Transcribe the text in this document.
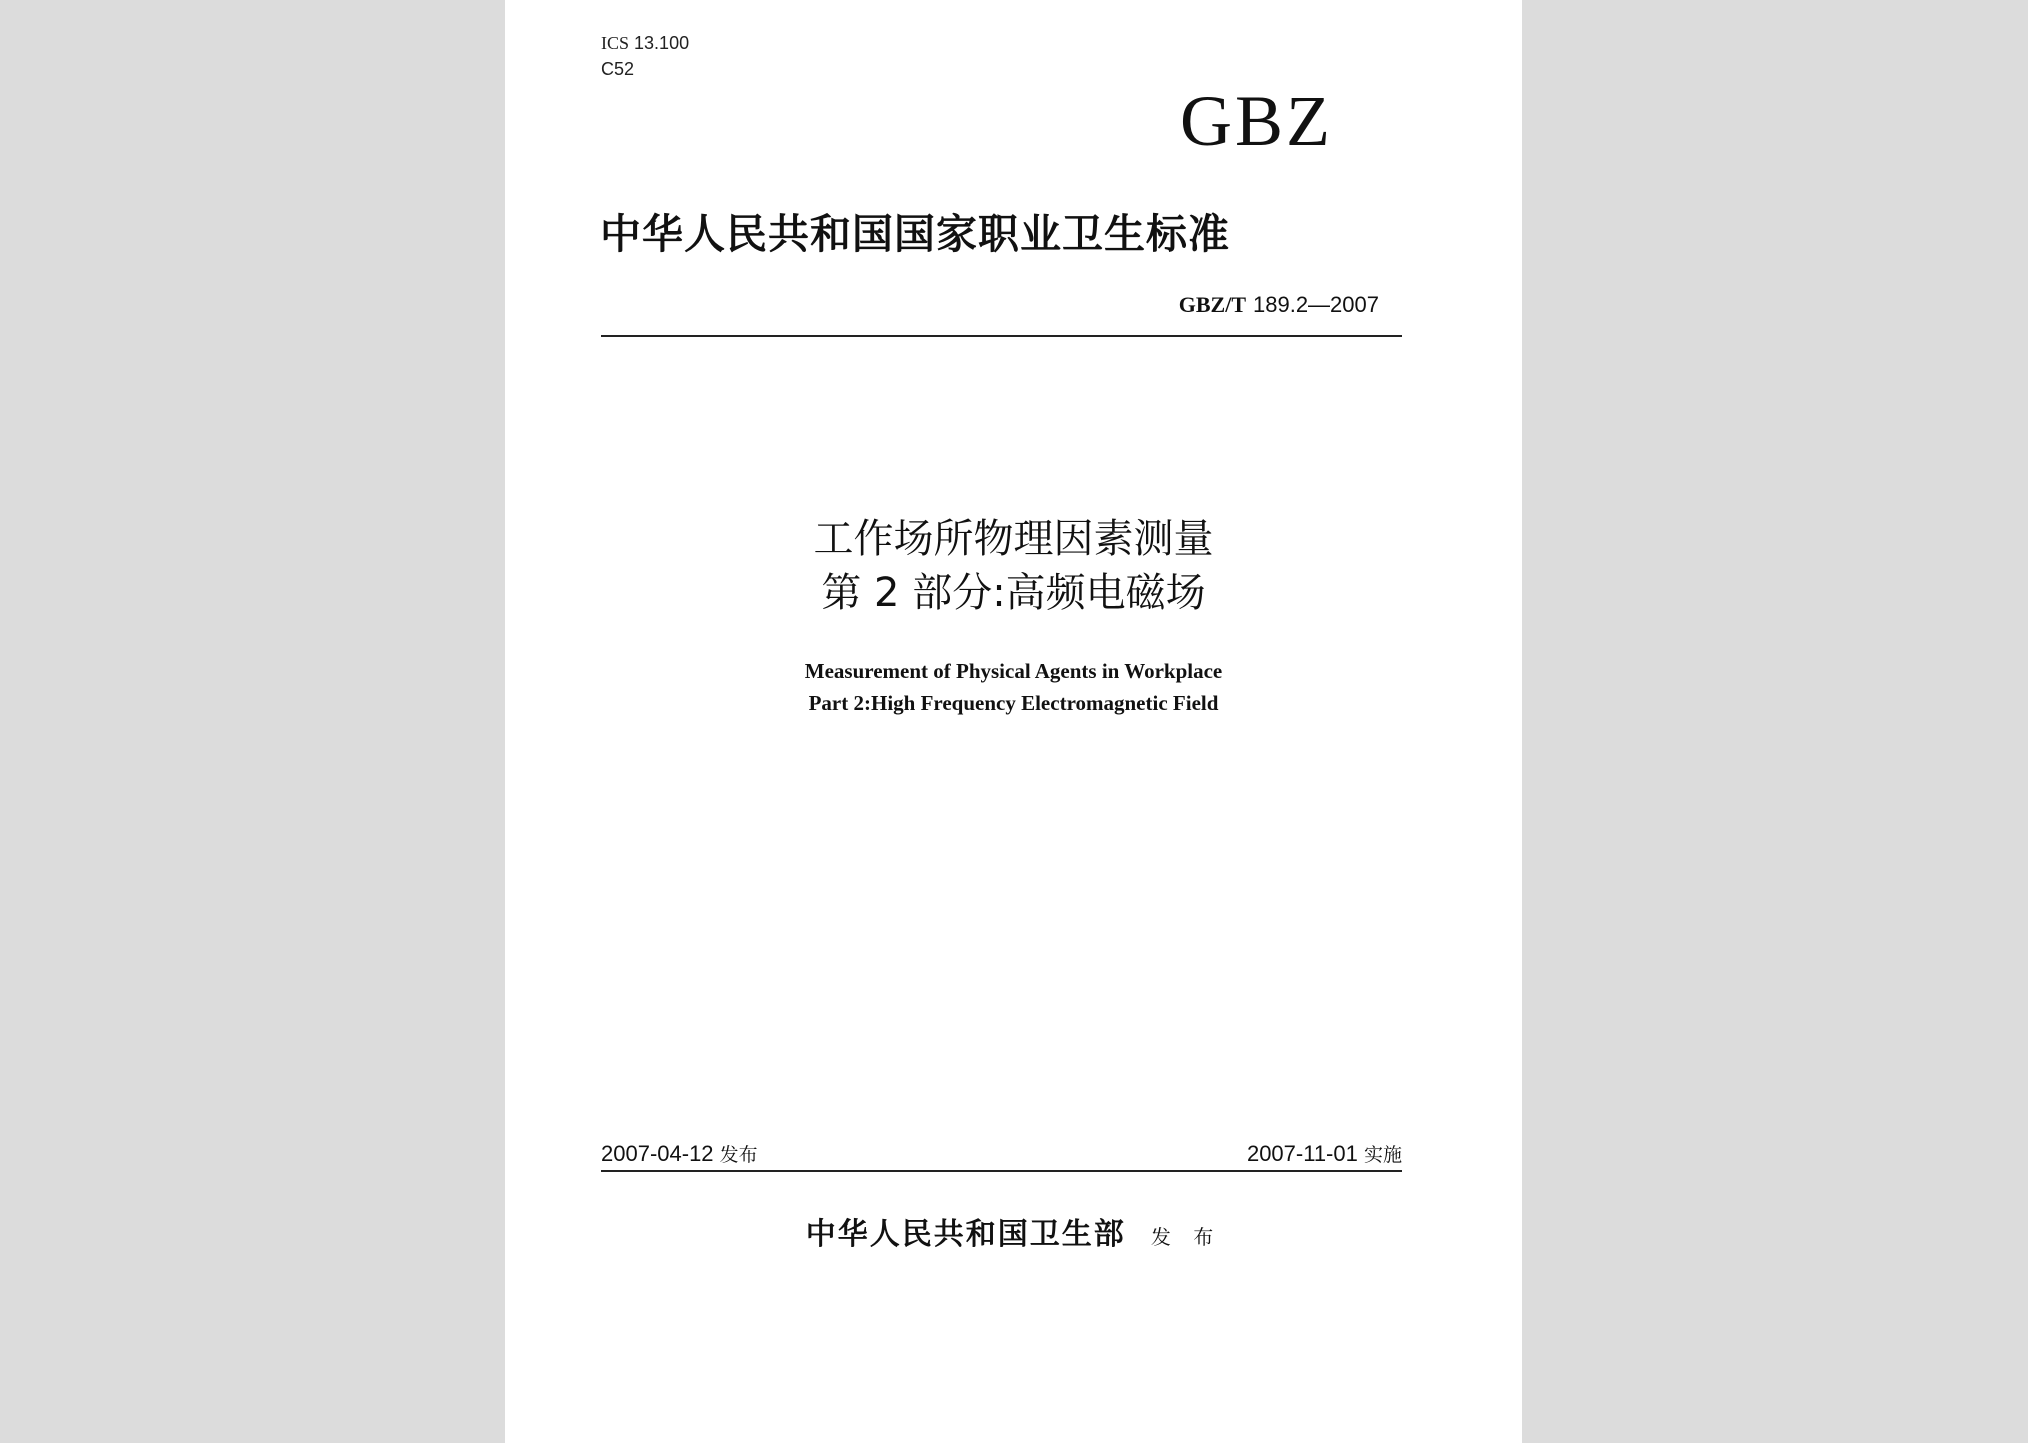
ICS 13.100
C52
GBZ
中华人民共和国国家职业卫生标准
GBZ/T 189.2—2007
工作场所物理因素测量
第 2 部分:高频电磁场
Measurement of Physical Agents in Workplace
Part 2:High Frequency Electromagnetic Field
2007-04-12 发布	2007-11-01 实施
中华人民共和国卫生部 发 布
